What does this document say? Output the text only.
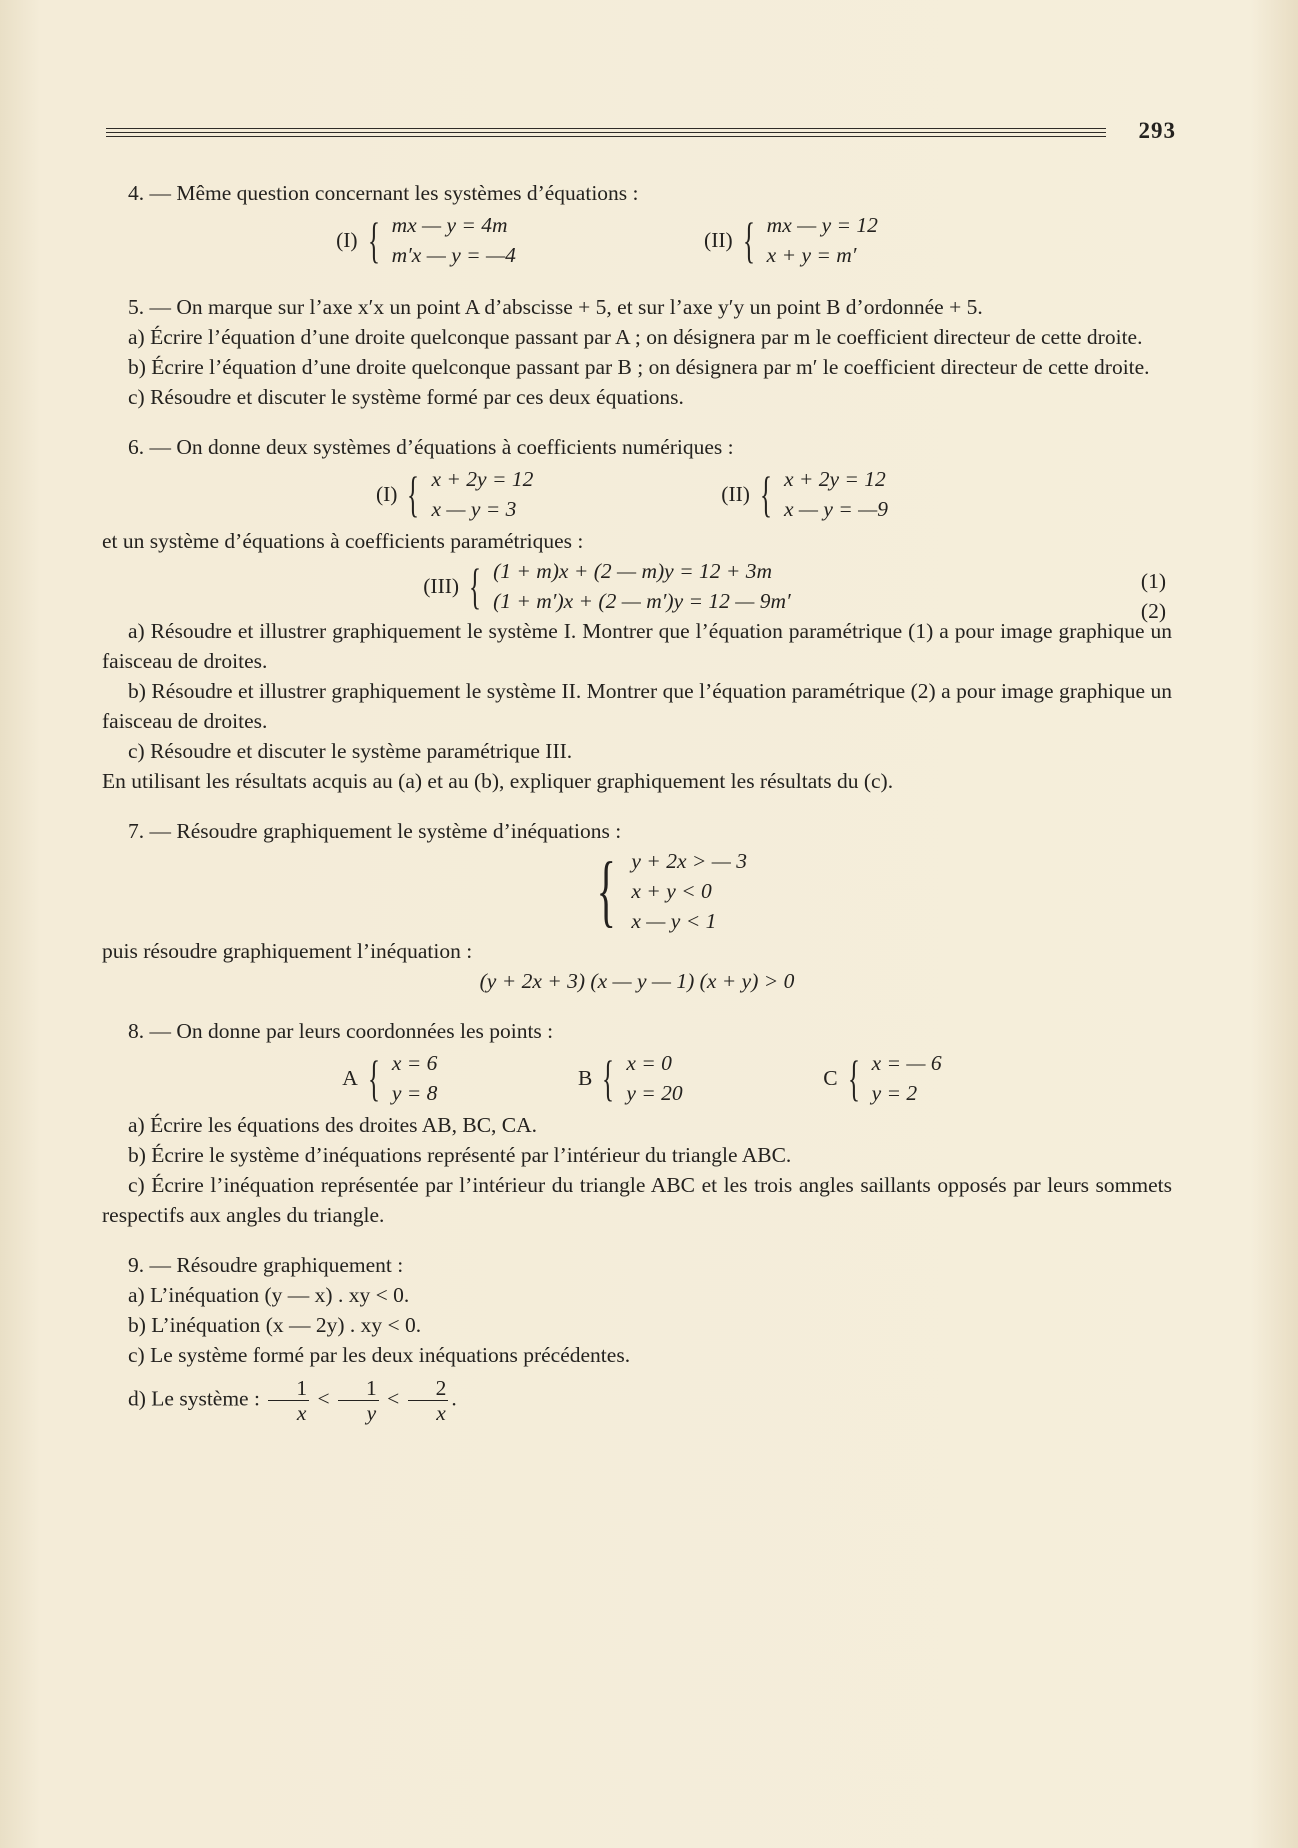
293

4. — Même question concernant les systèmes d’équations :

(I) { mx — y = 4m
m′x — y = —4
(II) { mx — y = 12
x + y = m′

5. — On marque sur l’axe x′x un point A d’abscisse + 5, et sur l’axe y′y un point B d’ordonnée + 5.

a) Écrire l’équation d’une droite quelconque passant par A ; on désignera par m le coefficient directeur de cette droite.

b) Écrire l’équation d’une droite quelconque passant par B ; on désignera par m′ le coefficient directeur de cette droite.

c) Résoudre et discuter le système formé par ces deux équations.

6. — On donne deux systèmes d’équations à coefficients numériques :

(I) { x + 2y = 12
x — y = 3
(II) { x + 2y = 12
x — y = —9

et un système d’équations à coefficients paramétriques :

(III) { (1 + m)x + (2 — m)y = 12 + 3m
(1 + m′)x + (2 — m′)y = 12 — 9m′
(1)
(2)

a) Résoudre et illustrer graphiquement le système I. Montrer que l’équation paramétrique (1) a pour image graphique un faisceau de droites.

b) Résoudre et illustrer graphiquement le système II. Montrer que l’équation paramétrique (2) a pour image graphique un faisceau de droites.

c) Résoudre et discuter le système paramétrique III.

En utilisant les résultats acquis au (a) et au (b), expliquer graphiquement les résultats du (c).

7. — Résoudre graphiquement le système d’inéquations :

{ y + 2x > — 3
x + y < 0
x — y < 1

puis résoudre graphiquement l’inéquation :

(y + 2x + 3) (x — y — 1) (x + y) > 0

8. — On donne par leurs coordonnées les points :

A { x = 6
y = 8
B { x = 0
y = 20
C { x = — 6
y = 2

a) Écrire les équations des droites AB, BC, CA.

b) Écrire le système d’inéquations représenté par l’intérieur du triangle ABC.

c) Écrire l’inéquation représentée par l’intérieur du triangle ABC et les trois angles saillants opposés par leurs sommets respectifs aux angles du triangle.

9. — Résoudre graphiquement :

a) L’inéquation (y — x) . xy < 0.

b) L’inéquation (x — 2y) . xy < 0.

c) Le système formé par les deux inéquations précédentes.

d) Le système : $\frac{1}{x} < \frac{1}{y} < \frac{2}{x}$ .
